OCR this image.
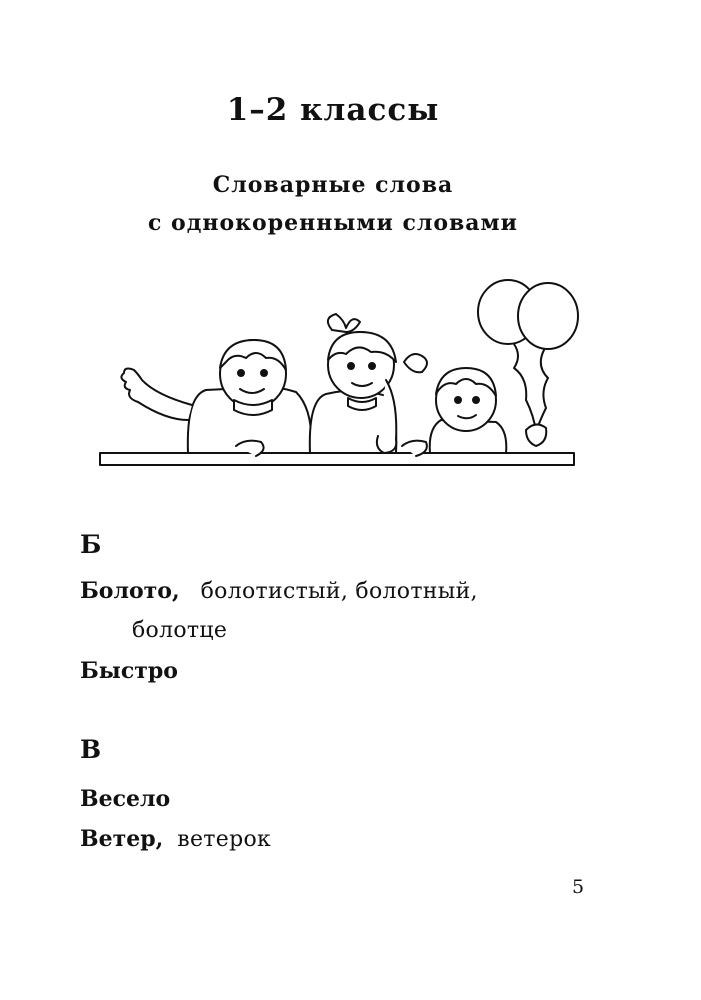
1–2 классы
Словарные слова
с однокоренными словами
Б
Болото, болотистый, болотный,
болотце
Быстро
В
Весело
Ветер, ветерок
5
